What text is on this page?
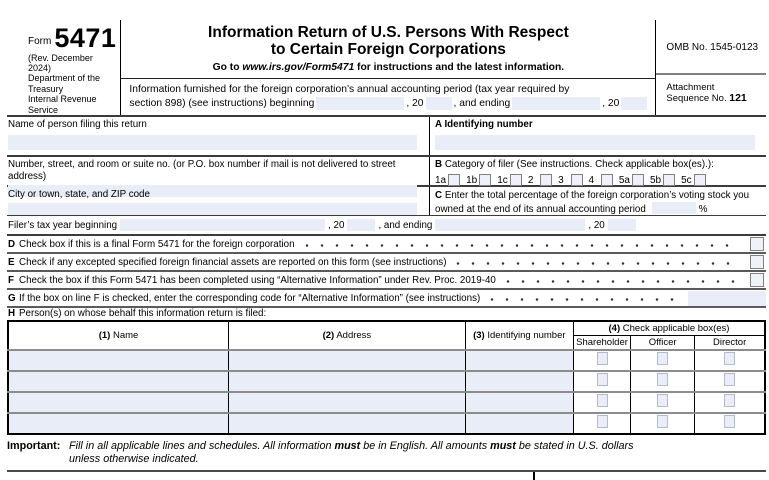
Form 5471
(Rev. December 2024)
Department of the Treasury
Internal Revenue Service
Information Return of U.S. Persons With Respect
to Certain Foreign Corporations
Go to www.irs.gov/Form5471 for instructions and the latest information.
Information furnished for the foreign corporation’s annual accounting period (tax year required by
section 898) (see instructions) beginning	, 20	, and ending	, 20
OMB No. 1545-0123
Attachment
Sequence No. 121
Name of person filing this return	A Identifying number
Number, street, and room or suite no. (or P.O. box number if mail is not delivered to street address)
B Category of filer (See instructions. Check applicable box(es).):
1a 1b 1c 2
3
4
5a 5b 5c
City or town, state, and ZIP code	C Enter the total percentage of the foreign corporation’s voting stock you owned at the end of its annual accounting period	%
Filer’s tax year beginning	, 20	, and ending	, 20
D Check box if this is a final Form 5471 for the foreign corporation
E Check if any excepted specified foreign financial assets are reported on this form (see instructions)
F Check the box if this Form 5471 has been completed using “Alternative Information” under Rev. Proc. 2019-40
G If the box on line F is checked, enter the corresponding code for “Alternative Information” (see instructions)
H Person(s) on whose behalf this information return is filed:
(1) Name	(2) Address	(3) Identifying number	(4) Check applicable box(es)		
			Shareholder	Officer	Director

Important: Fill in all applicable lines and schedules. All information must be in English. All amounts must be stated in U.S. dollars
unless otherwise indicated.
